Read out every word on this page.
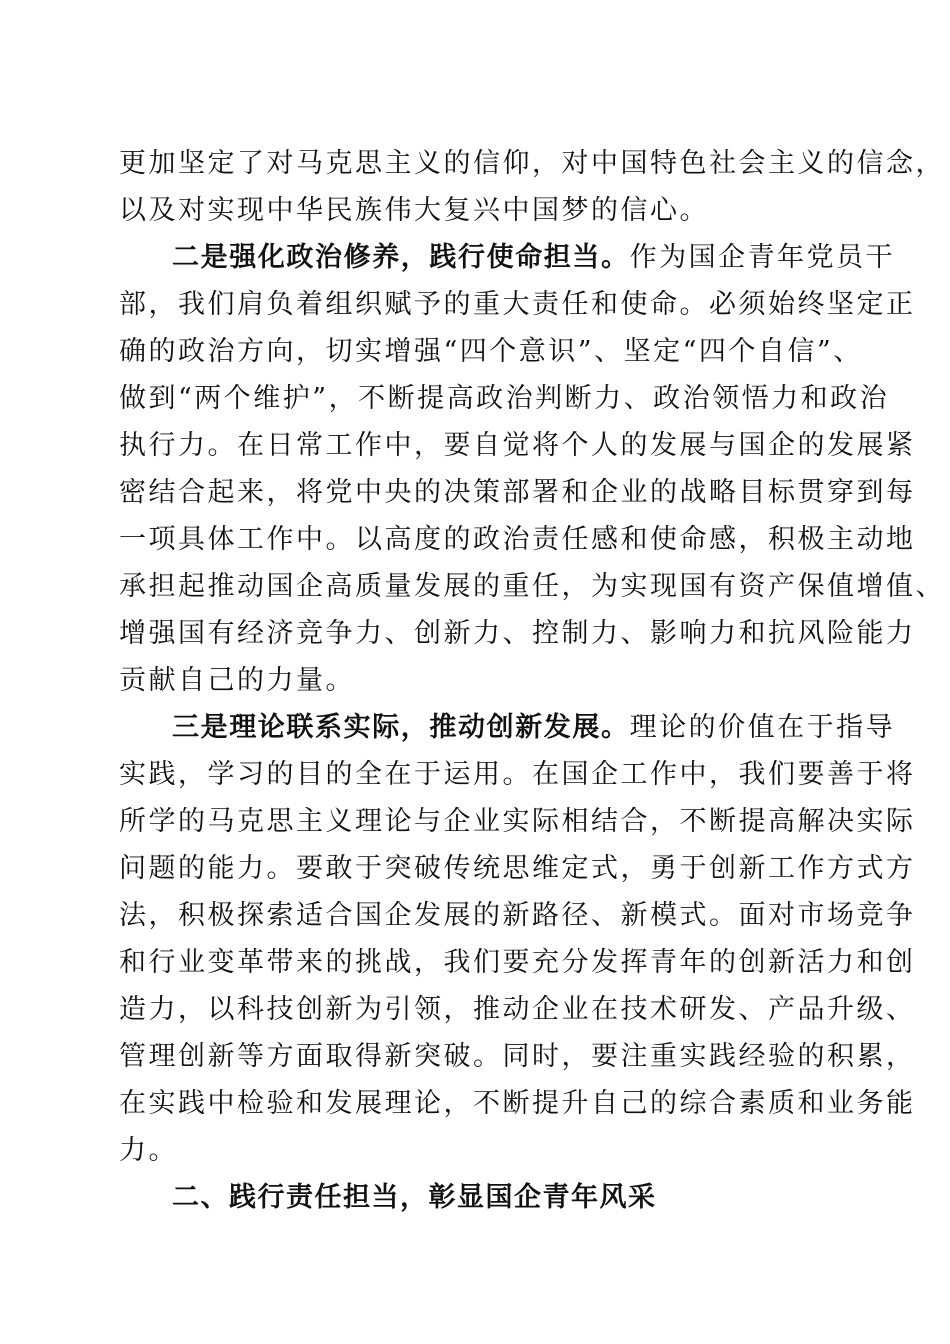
更加坚定了对马克思主义的信仰，对中国特色社会主义的信念，
以及对实现中华民族伟大复兴中国梦的信心。
二是强化政治修养，践行使命担当。作为国企青年党员干
部，我们肩负着组织赋予的重大责任和使命。必须始终坚定正
确的政治方向，切实增强“四个意识”、坚定“四个自信”、
做到“两个维护”，不断提高政治判断力、政治领悟力和政治
执行力。在日常工作中，要自觉将个人的发展与国企的发展紧
密结合起来，将党中央的决策部署和企业的战略目标贯穿到每
一项具体工作中。以高度的政治责任感和使命感，积极主动地
承担起推动国企高质量发展的重任，为实现国有资产保值增值、
增强国有经济竞争力、创新力、控制力、影响力和抗风险能力
贡献自己的力量。
三是理论联系实际，推动创新发展。理论的价值在于指导
实践，学习的目的全在于运用。在国企工作中，我们要善于将
所学的马克思主义理论与企业实际相结合，不断提高解决实际
问题的能力。要敢于突破传统思维定式，勇于创新工作方式方
法，积极探索适合国企发展的新路径、新模式。面对市场竞争
和行业变革带来的挑战，我们要充分发挥青年的创新活力和创
造力，以科技创新为引领，推动企业在技术研发、产品升级、
管理创新等方面取得新突破。同时，要注重实践经验的积累，
在实践中检验和发展理论，不断提升自己的综合素质和业务能
力。
二、践行责任担当，彰显国企青年风采
